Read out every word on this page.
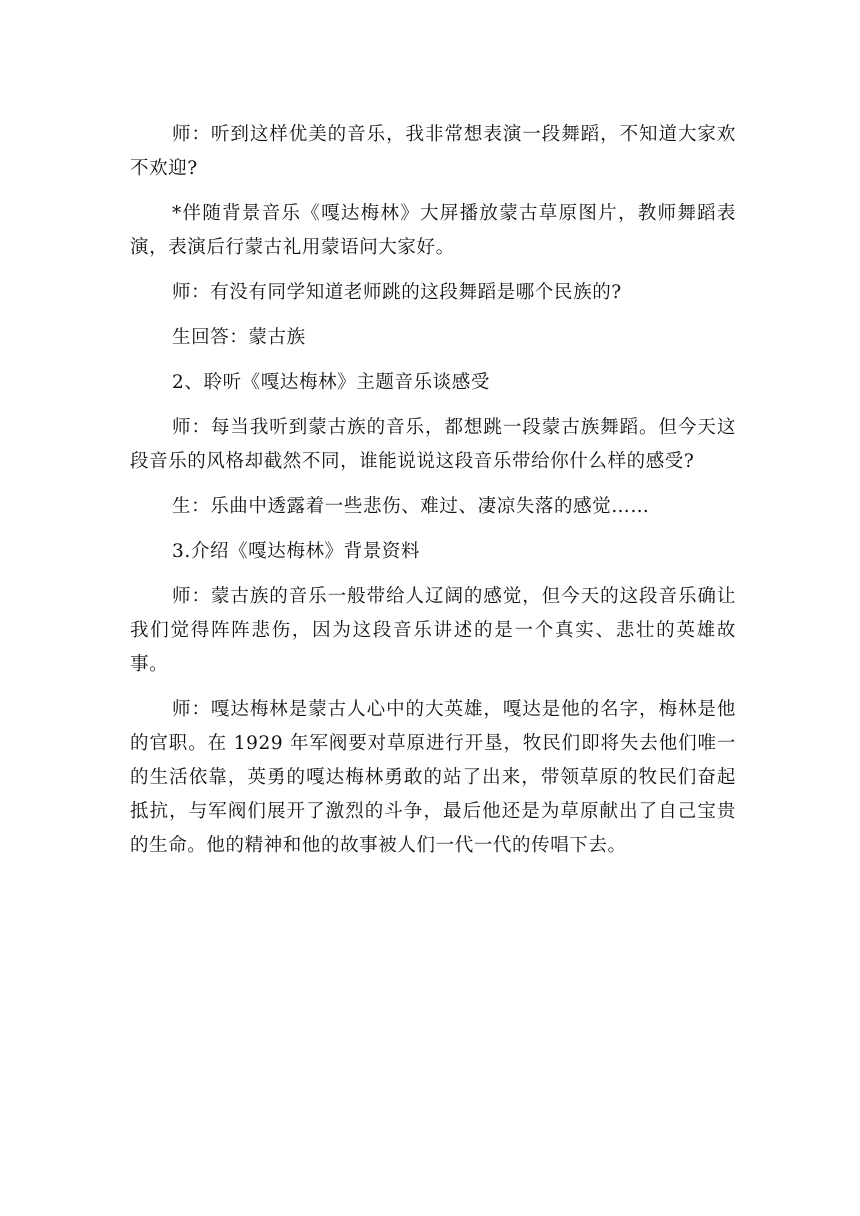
师：听到这样优美的音乐，我非常想表演一段舞蹈，不知道大家欢不欢迎?

*伴随背景音乐《嘎达梅林》大屏播放蒙古草原图片，教师舞蹈表演，表演后行蒙古礼用蒙语问大家好。

师：有没有同学知道老师跳的这段舞蹈是哪个民族的?

生回答：蒙古族

2、聆听《嘎达梅林》主题音乐谈感受

师：每当我听到蒙古族的音乐，都想跳一段蒙古族舞蹈。但今天这段音乐的风格却截然不同，谁能说说这段音乐带给你什么样的感受?

生：乐曲中透露着一些悲伤、难过、凄凉失落的感觉……

3.介绍《嘎达梅林》背景资料

师：蒙古族的音乐一般带给人辽阔的感觉，但今天的这段音乐确让我们觉得阵阵悲伤，因为这段音乐讲述的是一个真实、悲壮的英雄故事。

师：嘎达梅林是蒙古人心中的大英雄，嘎达是他的名字，梅林是他的官职。在 1929 年军阀要对草原进行开垦，牧民们即将失去他们唯一的生活依靠，英勇的嘎达梅林勇敢的站了出来，带领草原的牧民们奋起抵抗，与军阀们展开了激烈的斗争，最后他还是为草原献出了自己宝贵的生命。他的精神和他的故事被人们一代一代的传唱下去。
